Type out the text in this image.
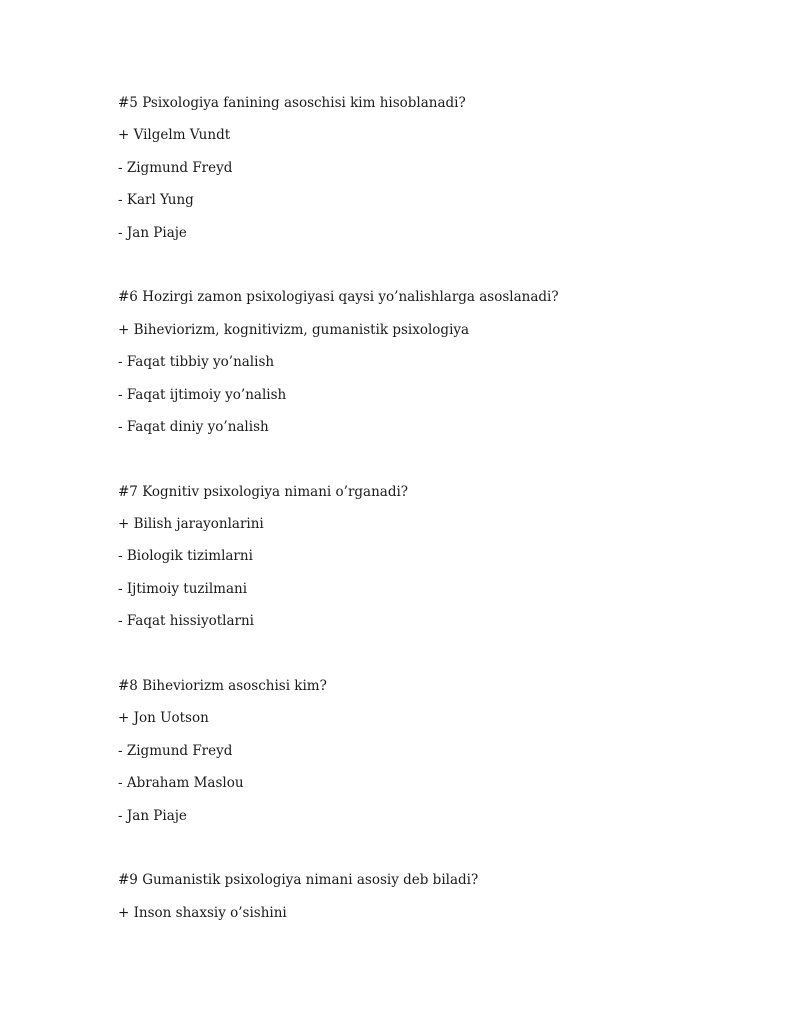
#5 Psixologiya fanining asoschisi kim hisoblanadi?
+ Vilgelm Vundt
- Zigmund Freyd
- Karl Yung
- Jan Piaje
#6 Hozirgi zamon psixologiyasi qaysi yo’nalishlarga asoslanadi?
+ Biheviorizm, kognitivizm, gumanistik psixologiya
- Faqat tibbiy yo’nalish
- Faqat ijtimoiy yo’nalish
- Faqat diniy yo’nalish
#7 Kognitiv psixologiya nimani o’rganadi?
+ Bilish jarayonlarini
- Biologik tizimlarni
- Ijtimoiy tuzilmani
- Faqat hissiyotlarni
#8 Biheviorizm asoschisi kim?
+ Jon Uotson
- Zigmund Freyd
- Abraham Maslou
- Jan Piaje
#9 Gumanistik psixologiya nimani asosiy deb biladi?
+ Inson shaxsiy o’sishini
